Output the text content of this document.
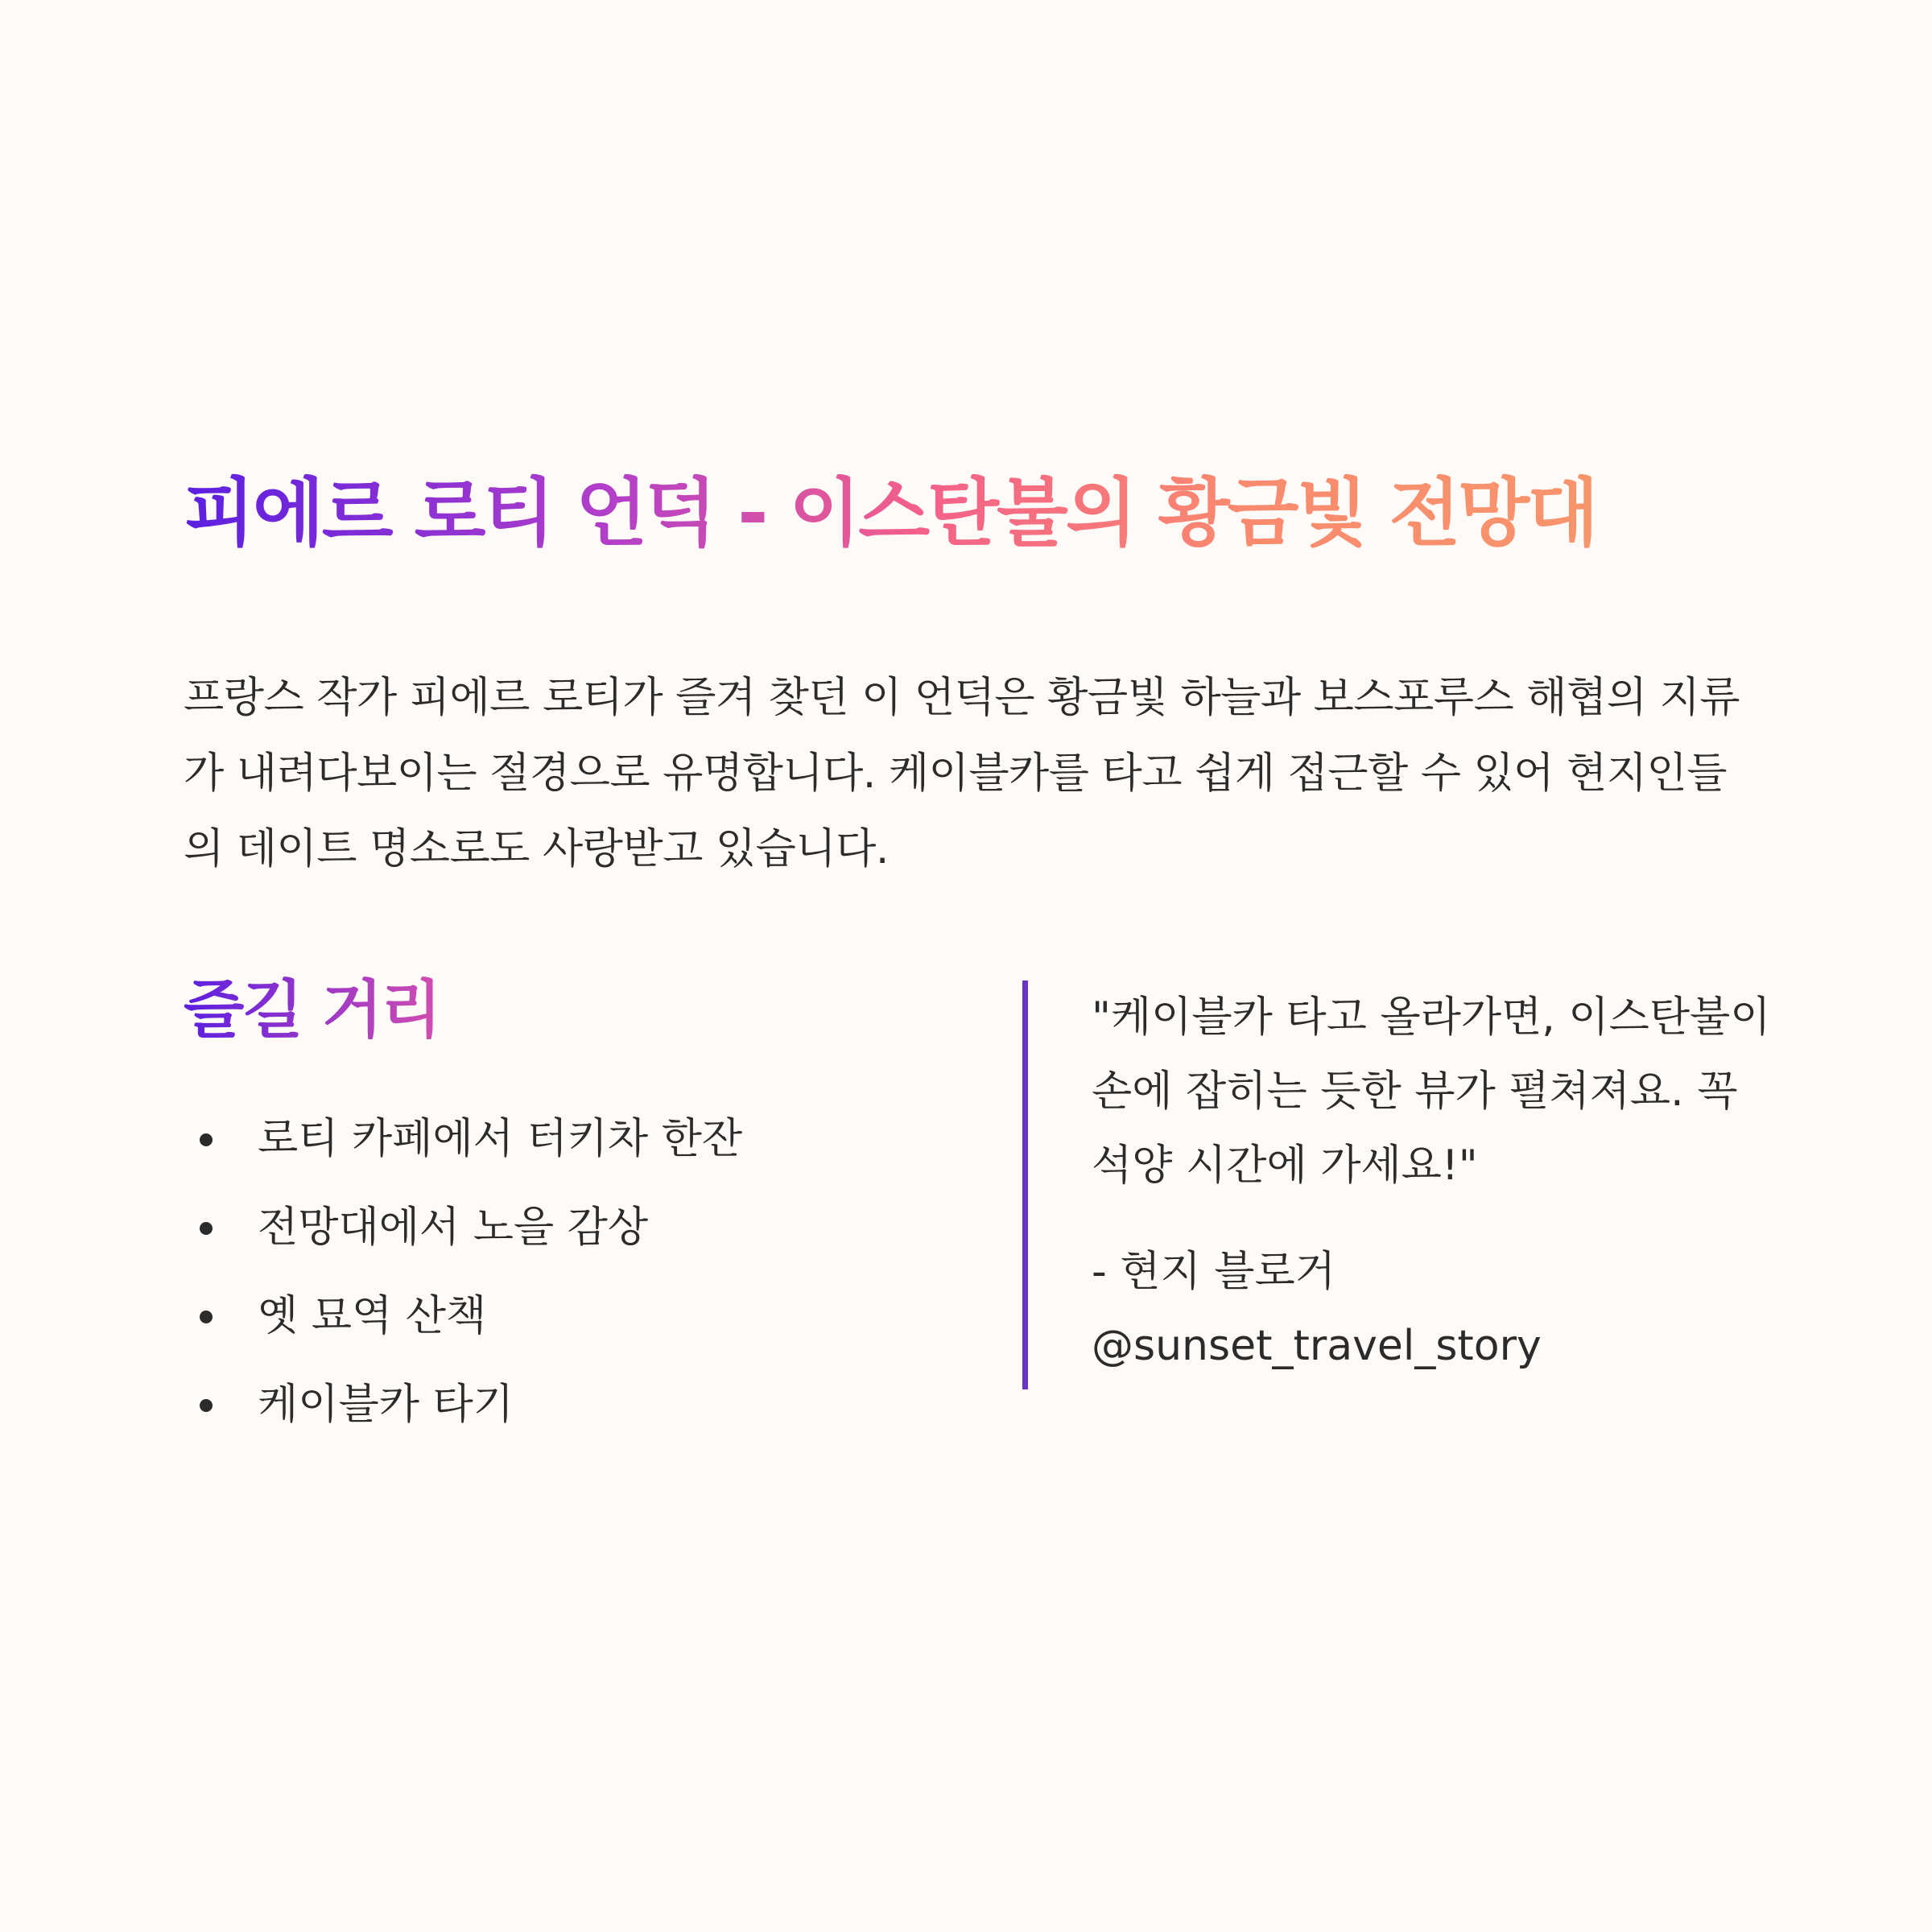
피에르 로티 언덕 - 이스탄불의 황금빛 전망대

프랑스 작가 피에르 로티가 즐겨 찾던 이 언덕은 황금빛 하늘과 보스포루스 해협의 지류가 내려다보이는 절경으로 유명합니다. 케이블카를 타고 쉽게 접근할 수 있어 현지인들의 데이트 명소로도 사랑받고 있습니다.

즐길 거리
로티 카페에서 터키차 한잔
전망대에서 노을 감상
옛 묘역 산책
케이블카 타기

"케이블카 타고 올라가면, 이스탄불이 손에 잡히는 듯한 뷰가 펼쳐져요. 꼭 석양 시간에 가세요!"

- 현지 블로거
@sunset_travel_story
